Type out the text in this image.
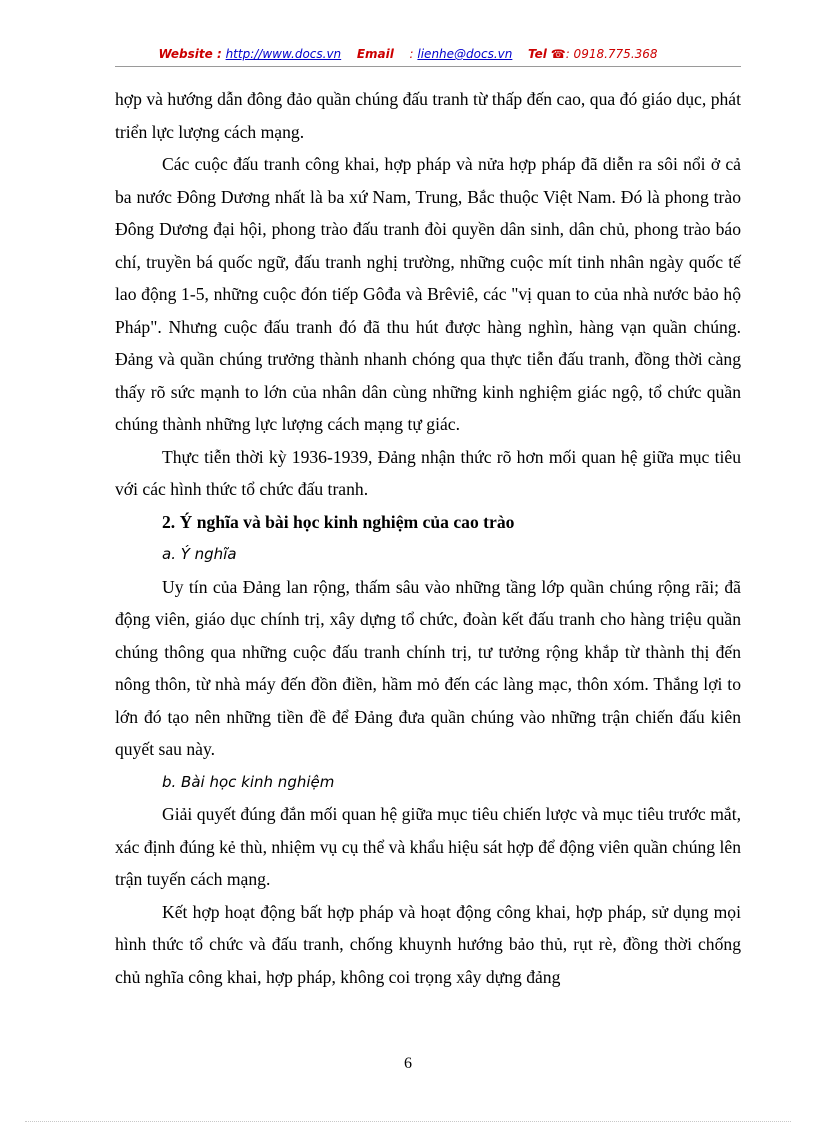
Website : http://www.docs.vn Email : lienhe@docs.vn Tel ☎: 0918.775.368

hợp và hướng dẫn đông đảo quần chúng đấu tranh từ thấp đến cao, qua đó giáo dục, phát triển lực lượng cách mạng.

Các cuộc đấu tranh công khai, hợp pháp và nửa hợp pháp đã diễn ra sôi nổi ở cả ba nước Đông Dương nhất là ba xứ Nam, Trung, Bắc thuộc Việt Nam. Đó là phong trào Đông Dương đại hội, phong trào đấu tranh đòi quyền dân sinh, dân chủ, phong trào báo chí, truyền bá quốc ngữ, đấu tranh nghị trường, những cuộc mít tinh nhân ngày quốc tế lao động 1-5, những cuộc đón tiếp Gôđa và Brêviê, các "vị quan to của nhà nước bảo hộ Pháp". Nhưng cuộc đấu tranh đó đã thu hút được hàng nghìn, hàng vạn quần chúng. Đảng và quần chúng trưởng thành nhanh chóng qua thực tiễn đấu tranh, đồng thời càng thấy rõ sức mạnh to lớn của nhân dân cùng những kinh nghiệm giác ngộ, tổ chức quần chúng thành những lực lượng cách mạng tự giác.

Thực tiễn thời kỳ 1936-1939, Đảng nhận thức rõ hơn mối quan hệ giữa mục tiêu với các hình thức tổ chức đấu tranh.

2. Ý nghĩa và bài học kinh nghiệm của cao trào
a. Ý nghĩa

Uy tín của Đảng lan rộng, thấm sâu vào những tầng lớp quần chúng rộng rãi; đã động viên, giáo dục chính trị, xây dựng tổ chức, đoàn kết đấu tranh cho hàng triệu quần chúng thông qua những cuộc đấu tranh chính trị, tư tưởng rộng khắp từ thành thị đến nông thôn, từ nhà máy đến đồn điền, hầm mỏ đến các làng mạc, thôn xóm. Thắng lợi to lớn đó tạo nên những tiền đề để Đảng đưa quần chúng vào những trận chiến đấu kiên quyết sau này.

b. Bài học kinh nghiệm

Giải quyết đúng đắn mối quan hệ giữa mục tiêu chiến lược và mục tiêu trước mắt, xác định đúng kẻ thù, nhiệm vụ cụ thể và khẩu hiệu sát hợp để động viên quần chúng lên trận tuyến cách mạng.

Kết hợp hoạt động bất hợp pháp và hoạt động công khai, hợp pháp, sử dụng mọi hình thức tổ chức và đấu tranh, chống khuynh hướng bảo thủ, rụt rè, đồng thời chống chủ nghĩa công khai, hợp pháp, không coi trọng xây dựng đảng

6
